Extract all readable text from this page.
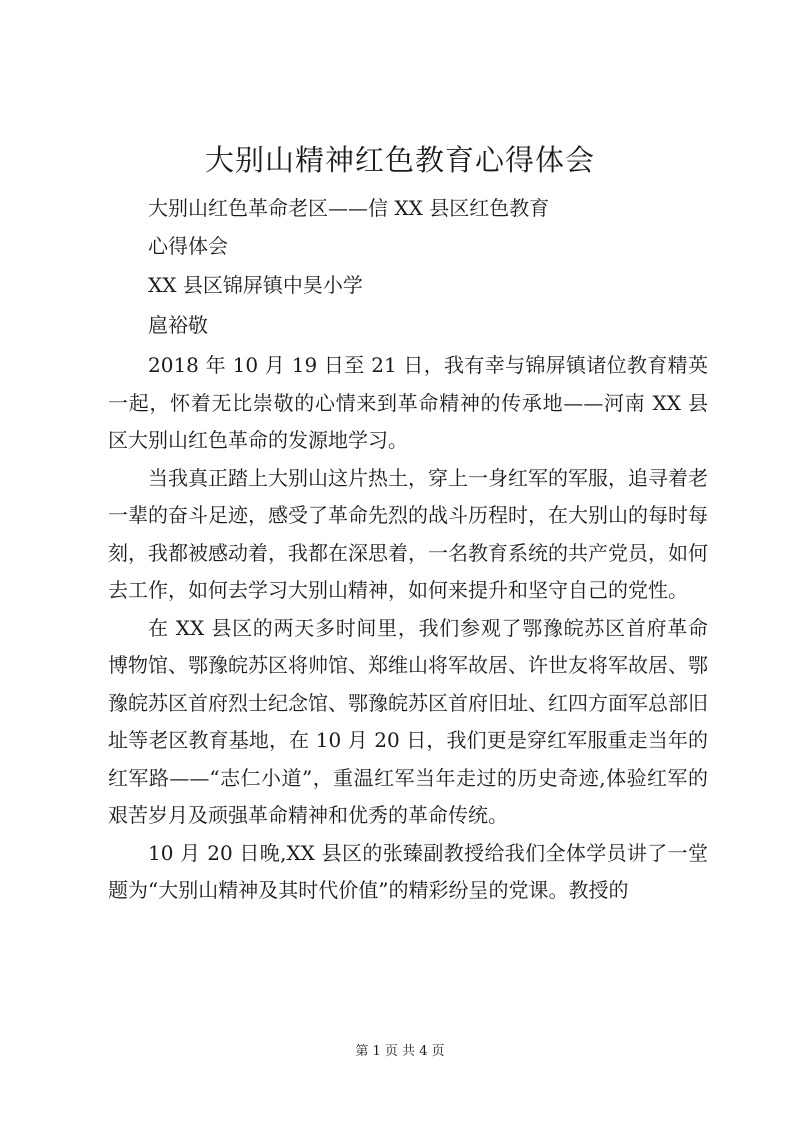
大别山精神红色教育心得体会

大别山红色革命老区——信 XX 县区红色教育

心得体会

XX 县区锦屏镇中昊小学

扈裕敬

2018 年 10 月 19 日至 21 日，我有幸与锦屏镇诸位教育精英一起，怀着无比崇敬的心情来到革命精神的传承地——河南 XX 县区大别山红色革命的发源地学习。

当我真正踏上大别山这片热土，穿上一身红军的军服，追寻着老一辈的奋斗足迹，感受了革命先烈的战斗历程时，在大别山的每时每刻，我都被感动着，我都在深思着，一名教育系统的共产党员，如何去工作，如何去学习大别山精神，如何来提升和坚守自己的党性。

在 XX 县区的两天多时间里，我们参观了鄂豫皖苏区首府革命博物馆、鄂豫皖苏区将帅馆、郑维山将军故居、许世友将军故居、鄂豫皖苏区首府烈士纪念馆、鄂豫皖苏区首府旧址、红四方面军总部旧址等老区教育基地，在 10 月 20 日，我们更是穿红军服重走当年的红军路——“志仁小道”，重温红军当年走过的历史奇迹,体验红军的艰苦岁月及顽强革命精神和优秀的革命传统。

10 月 20 日晚,XX 县区的张臻副教授给我们全体学员讲了一堂题为“大别山精神及其时代价值”的精彩纷呈的党课。教授的

第 1 页 共 4 页
